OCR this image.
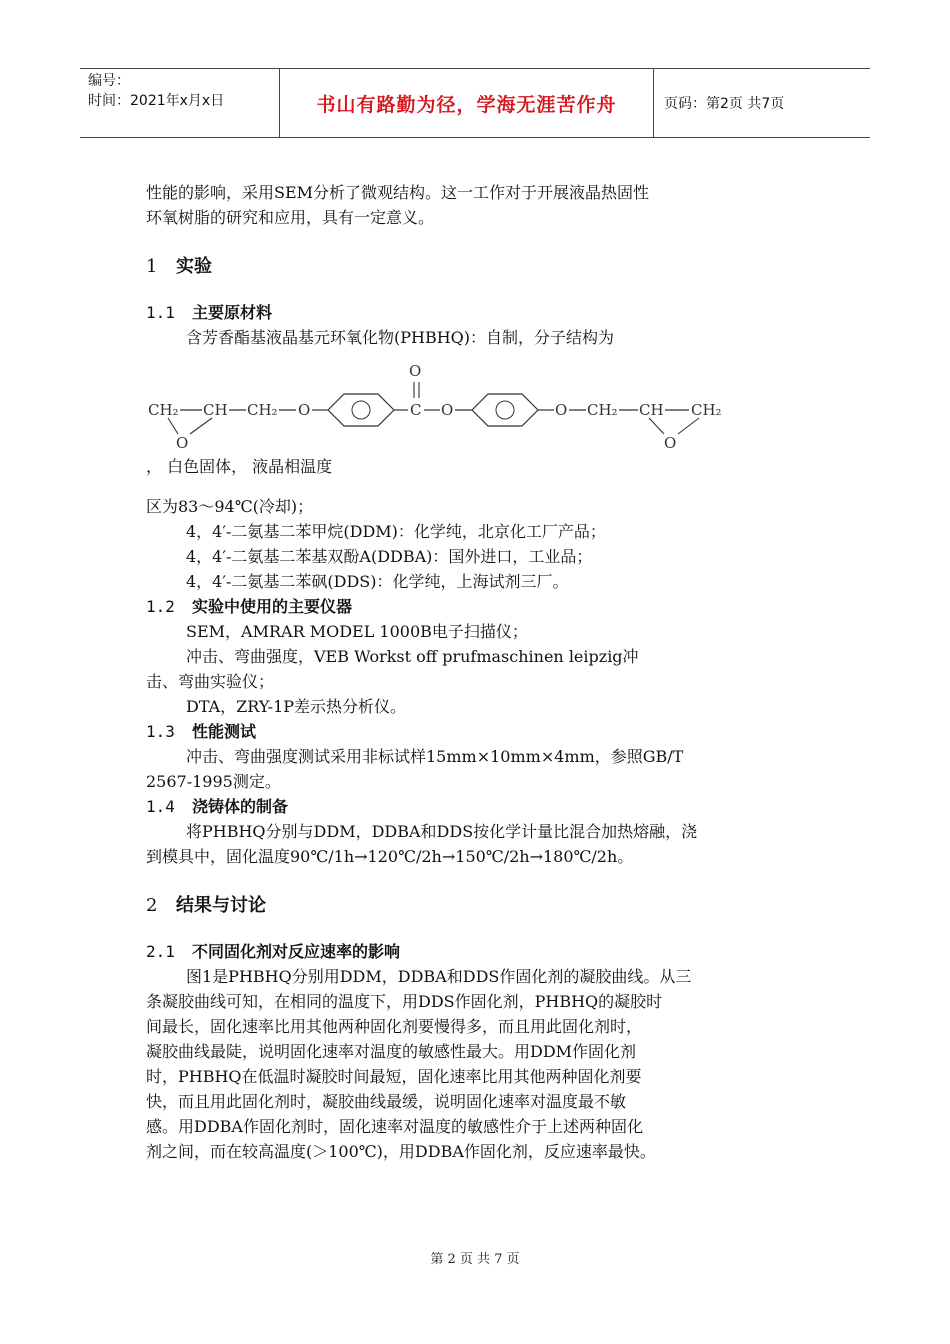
编号：
时间：2021年x月x日	书山有路勤为径，学海无涯苦作舟	页码：第2页 共7页

性能的影响，采用SEM分析了微观结构。这一工作对于开展液晶热固性

环氧树脂的研究和应用，具有一定意义。

1 实验

1.1 主要原材料

含芳香酯基液晶基元环氧化物(PHBHQ)：自制，分子结构为

CH₂ CH
O
CH₂ O	C
O
O	O CH₂ CH CH₂
O

， 白色固体， 液晶相温度

区为83～94℃(冷却)；

4，4′-二氨基二苯甲烷(DDM)：化学纯，北京化工厂产品；

4，4′-二氨基二苯基双酚A(DDBA)：国外进口，工业品；

4，4′-二氨基二苯砜(DDS)：化学纯，上海试剂三厂。

1.2 实验中使用的主要仪器

SEM，AMRAR MODEL 1000B电子扫描仪；

冲击、弯曲强度，VEB Workst off prufmaschinen leipzig冲

击、弯曲实验仪；

DTA，ZRY-1P差示热分析仪。

1.3 性能测试

冲击、弯曲强度测试采用非标试样15mm×10mm×4mm，参照GB/T

2567-1995测定。

1.4 浇铸体的制备

将PHBHQ分别与DDM，DDBA和DDS按化学计量比混合加热熔融，浇

到模具中，固化温度90℃/1h→120℃/2h→150℃/2h→180℃/2h。

2 结果与讨论

2.1 不同固化剂对反应速率的影响

图1是PHBHQ分别用DDM，DDBA和DDS作固化剂的凝胶曲线。从三

条凝胶曲线可知，在相同的温度下，用DDS作固化剂，PHBHQ的凝胶时

间最长，固化速率比用其他两种固化剂要慢得多，而且用此固化剂时，

凝胶曲线最陡，说明固化速率对温度的敏感性最大。用DDM作固化剂

时，PHBHQ在低温时凝胶时间最短，固化速率比用其他两种固化剂要

快，而且用此固化剂时，凝胶曲线最缓，说明固化速率对温度最不敏

感。用DDBA作固化剂时，固化速率对温度的敏感性介于上述两种固化

剂之间，而在较高温度(＞100℃)，用DDBA作固化剂，反应速率最快。

第 2 页 共 7 页
